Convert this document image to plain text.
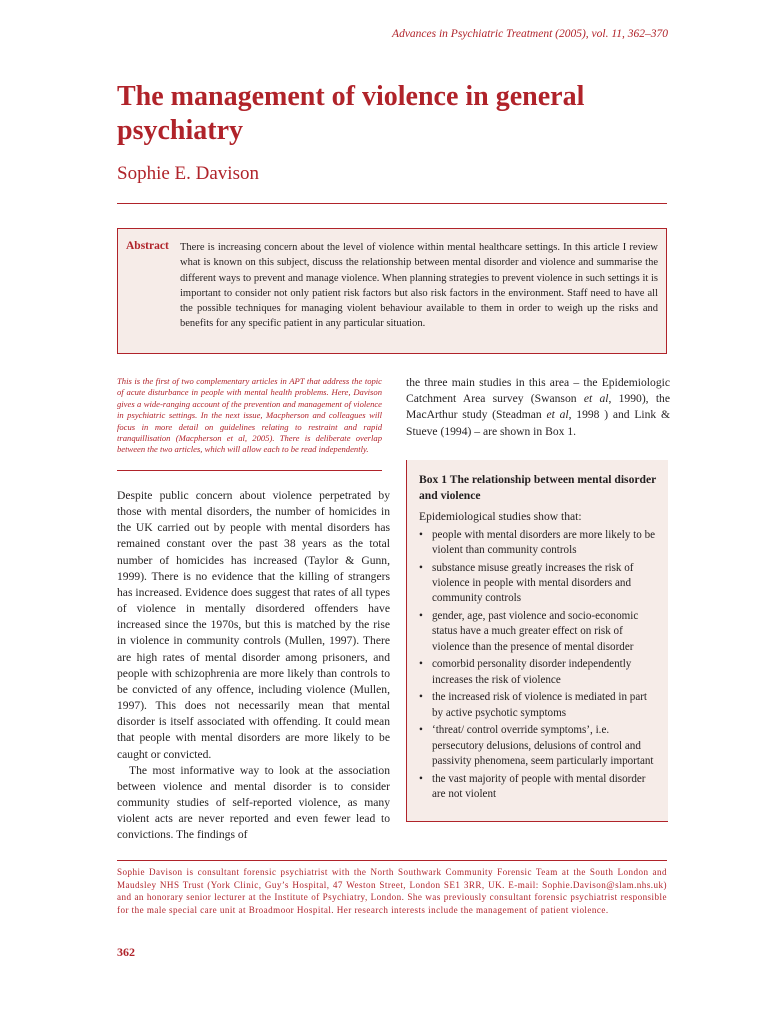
Advances in Psychiatric Treatment (2005), vol. 11, 362–370
The management of violence in general psychiatry
Sophie E. Davison
Abstract There is increasing concern about the level of violence within mental healthcare settings. In this article I review what is known on this subject, discuss the relationship between mental disorder and violence and summarise the different ways to prevent and manage violence. When planning strategies to prevent violence in such settings it is important to consider not only patient risk factors but also risk factors in the environment. Staff need to have all the possible techniques for managing violent behaviour available to them in order to weigh up the risks and benefits for any specific patient in any particular situation.
This is the first of two complementary articles in APT that address the topic of acute disturbance in people with mental health problems. Here, Davison gives a wide-ranging account of the prevention and management of violence in psychiatric settings. In the next issue, Macpherson and colleagues will focus in more detail on guidelines relating to restraint and rapid tranquillisation (Macpherson et al, 2005). There is deliberate overlap between the two articles, which will allow each to be read independently.

Despite public concern about violence perpetrated by those with mental disorders, the number of homicides in the UK carried out by people with mental disorders has remained constant over the past 38 years as the total number of homicides has increased (Taylor & Gunn, 1999). There is no evidence that the killing of strangers has increased. Evidence does suggest that rates of all types of violence in mentally disordered offenders have increased since the 1970s, but this is matched by the rise in violence in community controls (Mullen, 1997). There are high rates of mental disorder among prisoners, and people with schizophrenia are more likely than controls to be convicted of any offence, including violence (Mullen, 1997). This does not necessarily mean that mental disorder is itself associated with offending. It could mean that people with mental disorders are more likely to be caught or convicted.

The most informative way to look at the association between violence and mental disorder is to consider community studies of self-reported violence, as many violent acts are never reported and even fewer lead to convictions. The findings of

the three main studies in this area – the Epidemiologic Catchment Area survey (Swanson et al, 1990), the MacArthur study (Steadman et al, 1998 ) and Link & Stueve (1994) – are shown in Box 1.
Box 1 The relationship between mental disorder and violence
Epidemiological studies show that:
• people with mental disorders are more likely to be violent than community controls
• substance misuse greatly increases the risk of violence in people with mental disorders and community controls
• gender, age, past violence and socio-economic status have a much greater effect on risk of violence than the presence of mental disorder
• comorbid personality disorder independently increases the risk of violence
• the increased risk of violence is mediated in part by active psychotic symptoms
• ‘threat/ control override symptoms’, i.e. persecutory delusions, delusions of control and passivity phenomena, seem particularly important
• the vast majority of people with mental disorder are not violent
Sophie Davison is consultant forensic psychiatrist with the North Southwark Community Forensic Team at the South London and Maudsley NHS Trust (York Clinic, Guy’s Hospital, 47 Weston Street, London SE1 3RR, UK. E-mail: Sophie.Davison@slam.nhs.uk) and an honorary senior lecturer at the Institute of Psychiatry, London. She was previously consultant forensic psychiatrist responsible for the male special care unit at Broadmoor Hospital. Her research interests include the management of patient violence.
362
